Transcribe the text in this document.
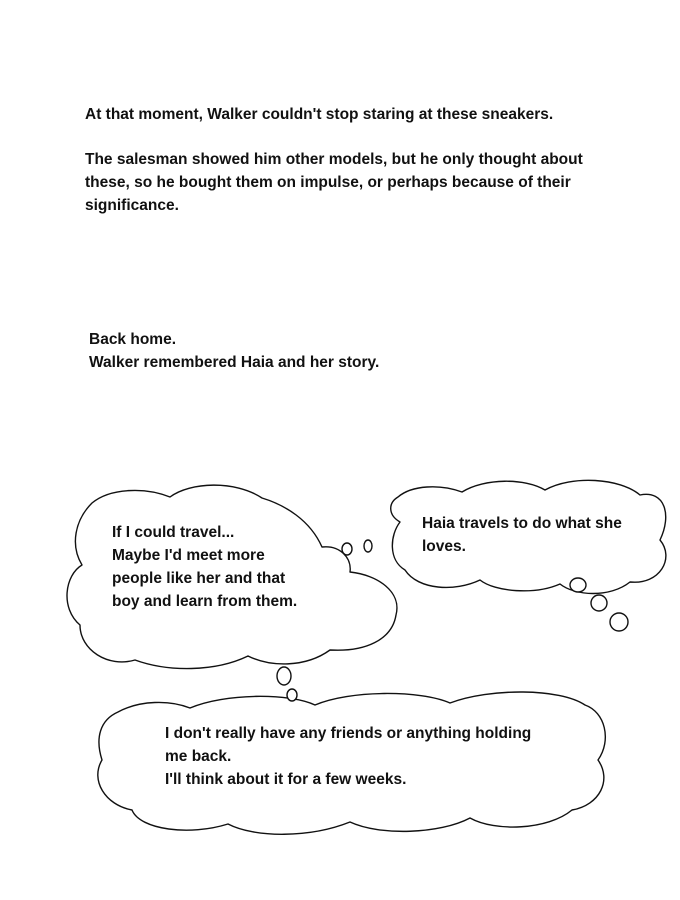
At that moment, Walker couldn't stop staring at these sneakers.

The salesman showed him other models, but he only thought about
these, so he bought them on impulse, or perhaps because of their
significance.

Back home.
Walker remembered Haia and her story.

If I could travel...
Maybe I'd meet more
people like her and that
boy and learn from them.

Haia travels to do what she
loves.

I don't really have any friends or anything holding
me back.
I'll think about it for a few weeks.
